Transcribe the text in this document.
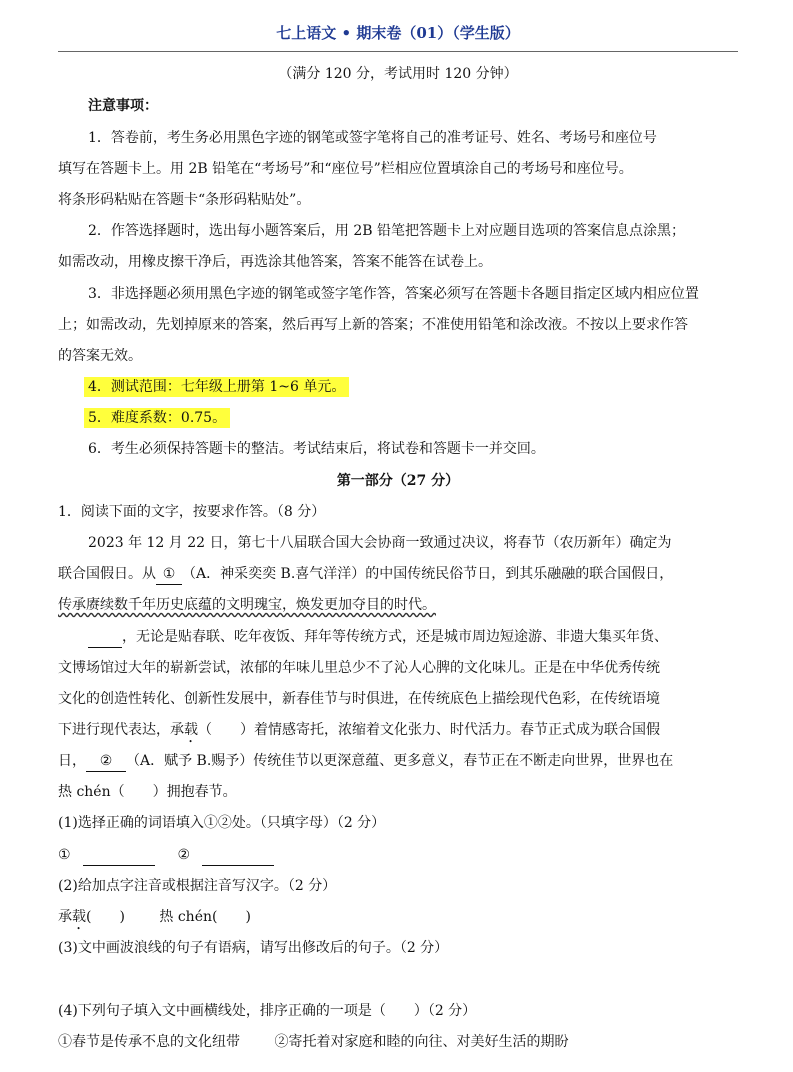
七上语文 • 期末卷（01）（学生版）
（满分 120 分，考试用时 120 分钟）
注意事项：
1．答卷前，考生务必用黑色字迹的钢笔或签字笔将自己的准考证号、姓名、考场号和座位号
填写在答题卡上。用 2B 铅笔在“考场号”和“座位号”栏相应位置填涂自己的考场号和座位号。
将条形码粘贴在答题卡“条形码粘贴处”。
2．作答选择题时，选出每小题答案后，用 2B 铅笔把答题卡上对应题目选项的答案信息点涂黑；
如需改动，用橡皮擦干净后，再选涂其他答案，答案不能答在试卷上。
3．非选择题必须用黑色字迹的钢笔或签字笔作答，答案必须写在答题卡各题目指定区域内相应位置
上；如需改动，先划掉原来的答案，然后再写上新的答案；不准使用铅笔和涂改液。不按以上要求作答
的答案无效。
4．测试范围：七年级上册第 1~6 单元。
5．难度系数：0.75。
6．考生必须保持答题卡的整洁。考试结束后，将试卷和答题卡一并交回。
第一部分（27 分）
1．阅读下面的文字，按要求作答。（8 分）
2023 年 12 月 22 日，第七十八届联合国大会协商一致通过决议，将春节（农历新年）确定为
联合国假日。从 ① （A．神采奕奕 B.喜气洋洋）的中国传统民俗节日，到其乐融融的联合国假日，
传承赓续数千年历史底蕴的文明瑰宝，焕发更加夺目的时代。
，无论是贴春联、吃年夜饭、拜年等传统方式，还是城市周边短途游、非遗大集买年货、
文博场馆过大年的崭新尝试，浓郁的年味儿里总少不了沁人心脾的文化味儿。正是在中华优秀传统
文化的创造性转化、创新性发展中，新春佳节与时俱进，在传统底色上描绘现代色彩，在传统语境
下进行现代表达，承载（　　）着情感寄托，浓缩着文化张力、时代活力。春节正式成为联合国假
日， ② （A．赋予 B.赐予）传统佳节以更深意蕴、更多意义，春节正在不断走向世界，世界也在
热 chén（　　）拥抱春节。
(1)选择正确的词语填入①②处。（只填字母）（2 分）
①	②
(2)给加点字注音或根据注音写汉字。（2 分）
承载(　　) 热 chén(　　)
(3)文中画波浪线的句子有语病，请写出修改后的句子。（2 分）
(4)下列句子填入文中画横线处，排序正确的一项是（　　）（2 分）
①春节是传承不息的文化纽带 ②寄托着对家庭和睦的向往、对美好生活的期盼
